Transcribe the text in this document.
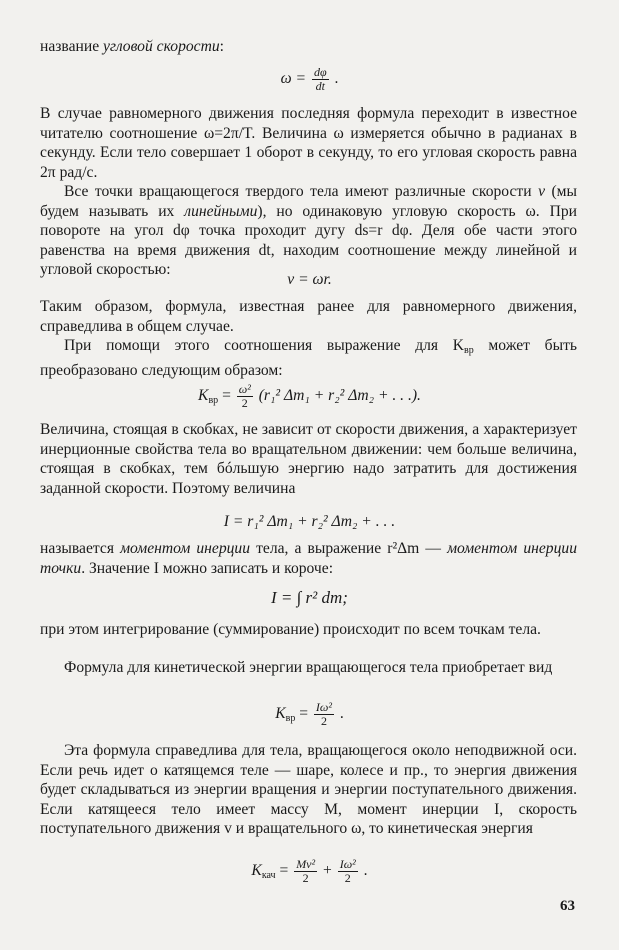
название угловой скорости:

$\omega = \frac{d\varphi}{dt}$ .

В случае равномерного движения последняя формула переходит в известное читателю соотношение ω=2π/T. Величина ω измеряется обычно в радианах в секунду. Если тело совершает 1 оборот в секунду, то его угловая скорость равна 2π рад/с.

Все точки вращающегося твердого тела имеют различные скорости v (мы будем называть их линейными), но одинаковую угловую скорость ω. При повороте на угол dφ точка проходит дугу ds=r dφ. Деля обе части этого равенства на время движения dt, находим соотношение между линейной и угловой скоростью:

v = ωr.

Таким образом, формула, известная ранее для равномерного движения, справедлива в общем случае.

При помощи этого соотношения выражение для $K_{вр}$ может быть преобразовано следующим образом:

$K_{вр} = \frac{\text{ω²}}{2} (r_1^2$ Δm₁ + r₂² Δm₂ + . . .).

Величина, стоящая в скобках, не зависит от скорости движения, а характеризует инерционные свойства тела во вращательном движении: чем больше величина, стоящая в скобках, тем бóльшую энергию надо затратить для достижения заданной скорости. Поэтому величина

I = r₁² Δm₁ + r₂² Δm₂ + . . .

называется моментом инерции тела, а выражение r²Δm — моментом инерции точки. Значение I можно записать и короче:

I = ∫ r² dm;

при этом интегрирование (суммирование) происходит по всем точкам тела.

Формула для кинетической энергии вращающегося тела приобретает вид

$K_{вр} = \frac{\text{Iω²}}{2}$ .

Эта формула справедлива для тела, вращающегося около неподвижной оси. Если речь идет о катящемся теле — шаре, колесе и пр., то энергия движения будет складываться из энергии вращения и энергии поступательного движения. Если катящееся тело имеет массу M, момент инерции I, скорость поступательного движения v и вращательного ω, то кинетическая энергия

$K_{кач} = \frac{\text{Mv²}}{2} + \frac{\text{Iω²}}{2}$ .
63
